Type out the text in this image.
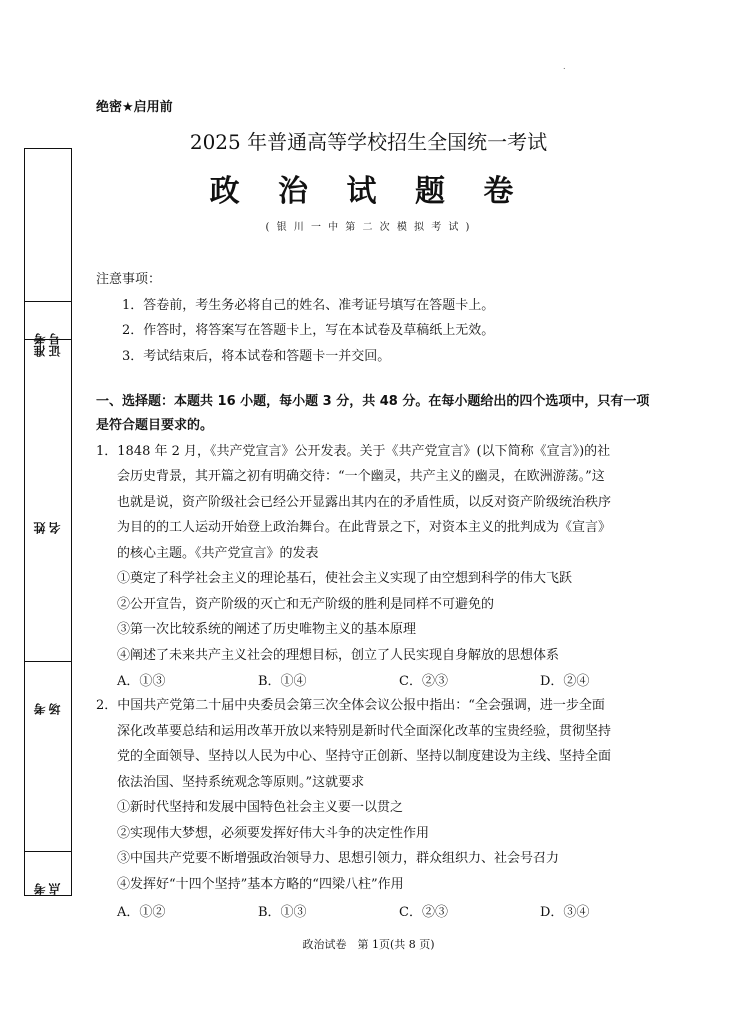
.
准考 证号
姓 名
考 场
考 点
绝密★启用前
2025 年普通高等学校招生全国统一考试
政 治 试 题 卷
( 银 川 一 中 第 二 次 模 拟 考 试 )
注意事项：
1．答卷前，考生务必将自己的姓名、准考证号填写在答题卡上。
2．作答时，将答案写在答题卡上，写在本试卷及草稿纸上无效。
3．考试结束后，将本试卷和答题卡一并交回。
一、选择题：本题共 16 小题，每小题 3 分，共 48 分。在每小题给出的四个选项中，只有一项是符合题目要求的。
1．1848 年 2 月，《共产党宣言》公开发表。关于《共产党宣言》(以下简称《宣言》)的社
会历史背景，其开篇之初有明确交待：“一个幽灵，共产主义的幽灵，在欧洲游荡。”这
也就是说，资产阶级社会已经公开显露出其内在的矛盾性质，以反对资产阶级统治秩序
为目的的工人运动开始登上政治舞台。在此背景之下，对资本主义的批判成为《宣言》
的核心主题。《共产党宣言》的发表
①奠定了科学社会主义的理论基石，使社会主义实现了由空想到科学的伟大飞跃
②公开宣告，资产阶级的灭亡和无产阶级的胜利是同样不可避免的
③第一次比较系统的阐述了历史唯物主义的基本原理
④阐述了未来共产主义社会的理想目标，创立了人民实现自身解放的思想体系
A．①③	B．①④	C．②③	D．②④
2．中国共产党第二十届中央委员会第三次全体会议公报中指出：“全会强调，进一步全面
深化改革要总结和运用改革开放以来特别是新时代全面深化改革的宝贵经验，贯彻坚持
党的全面领导、坚持以人民为中心、坚持守正创新、坚持以制度建设为主线、坚持全面
依法治国、坚持系统观念等原则。”这就要求
①新时代坚持和发展中国特色社会主义要一以贯之
②实现伟大梦想，必须要发挥好伟大斗争的决定性作用
③中国共产党要不断增强政治领导力、思想引领力，群众组织力、社会号召力
④发挥好“十四个坚持”基本方略的“四梁八柱”作用
A．①②	B．①③	C．②③	D．③④
政治试卷　第 1页(共 8 页)
